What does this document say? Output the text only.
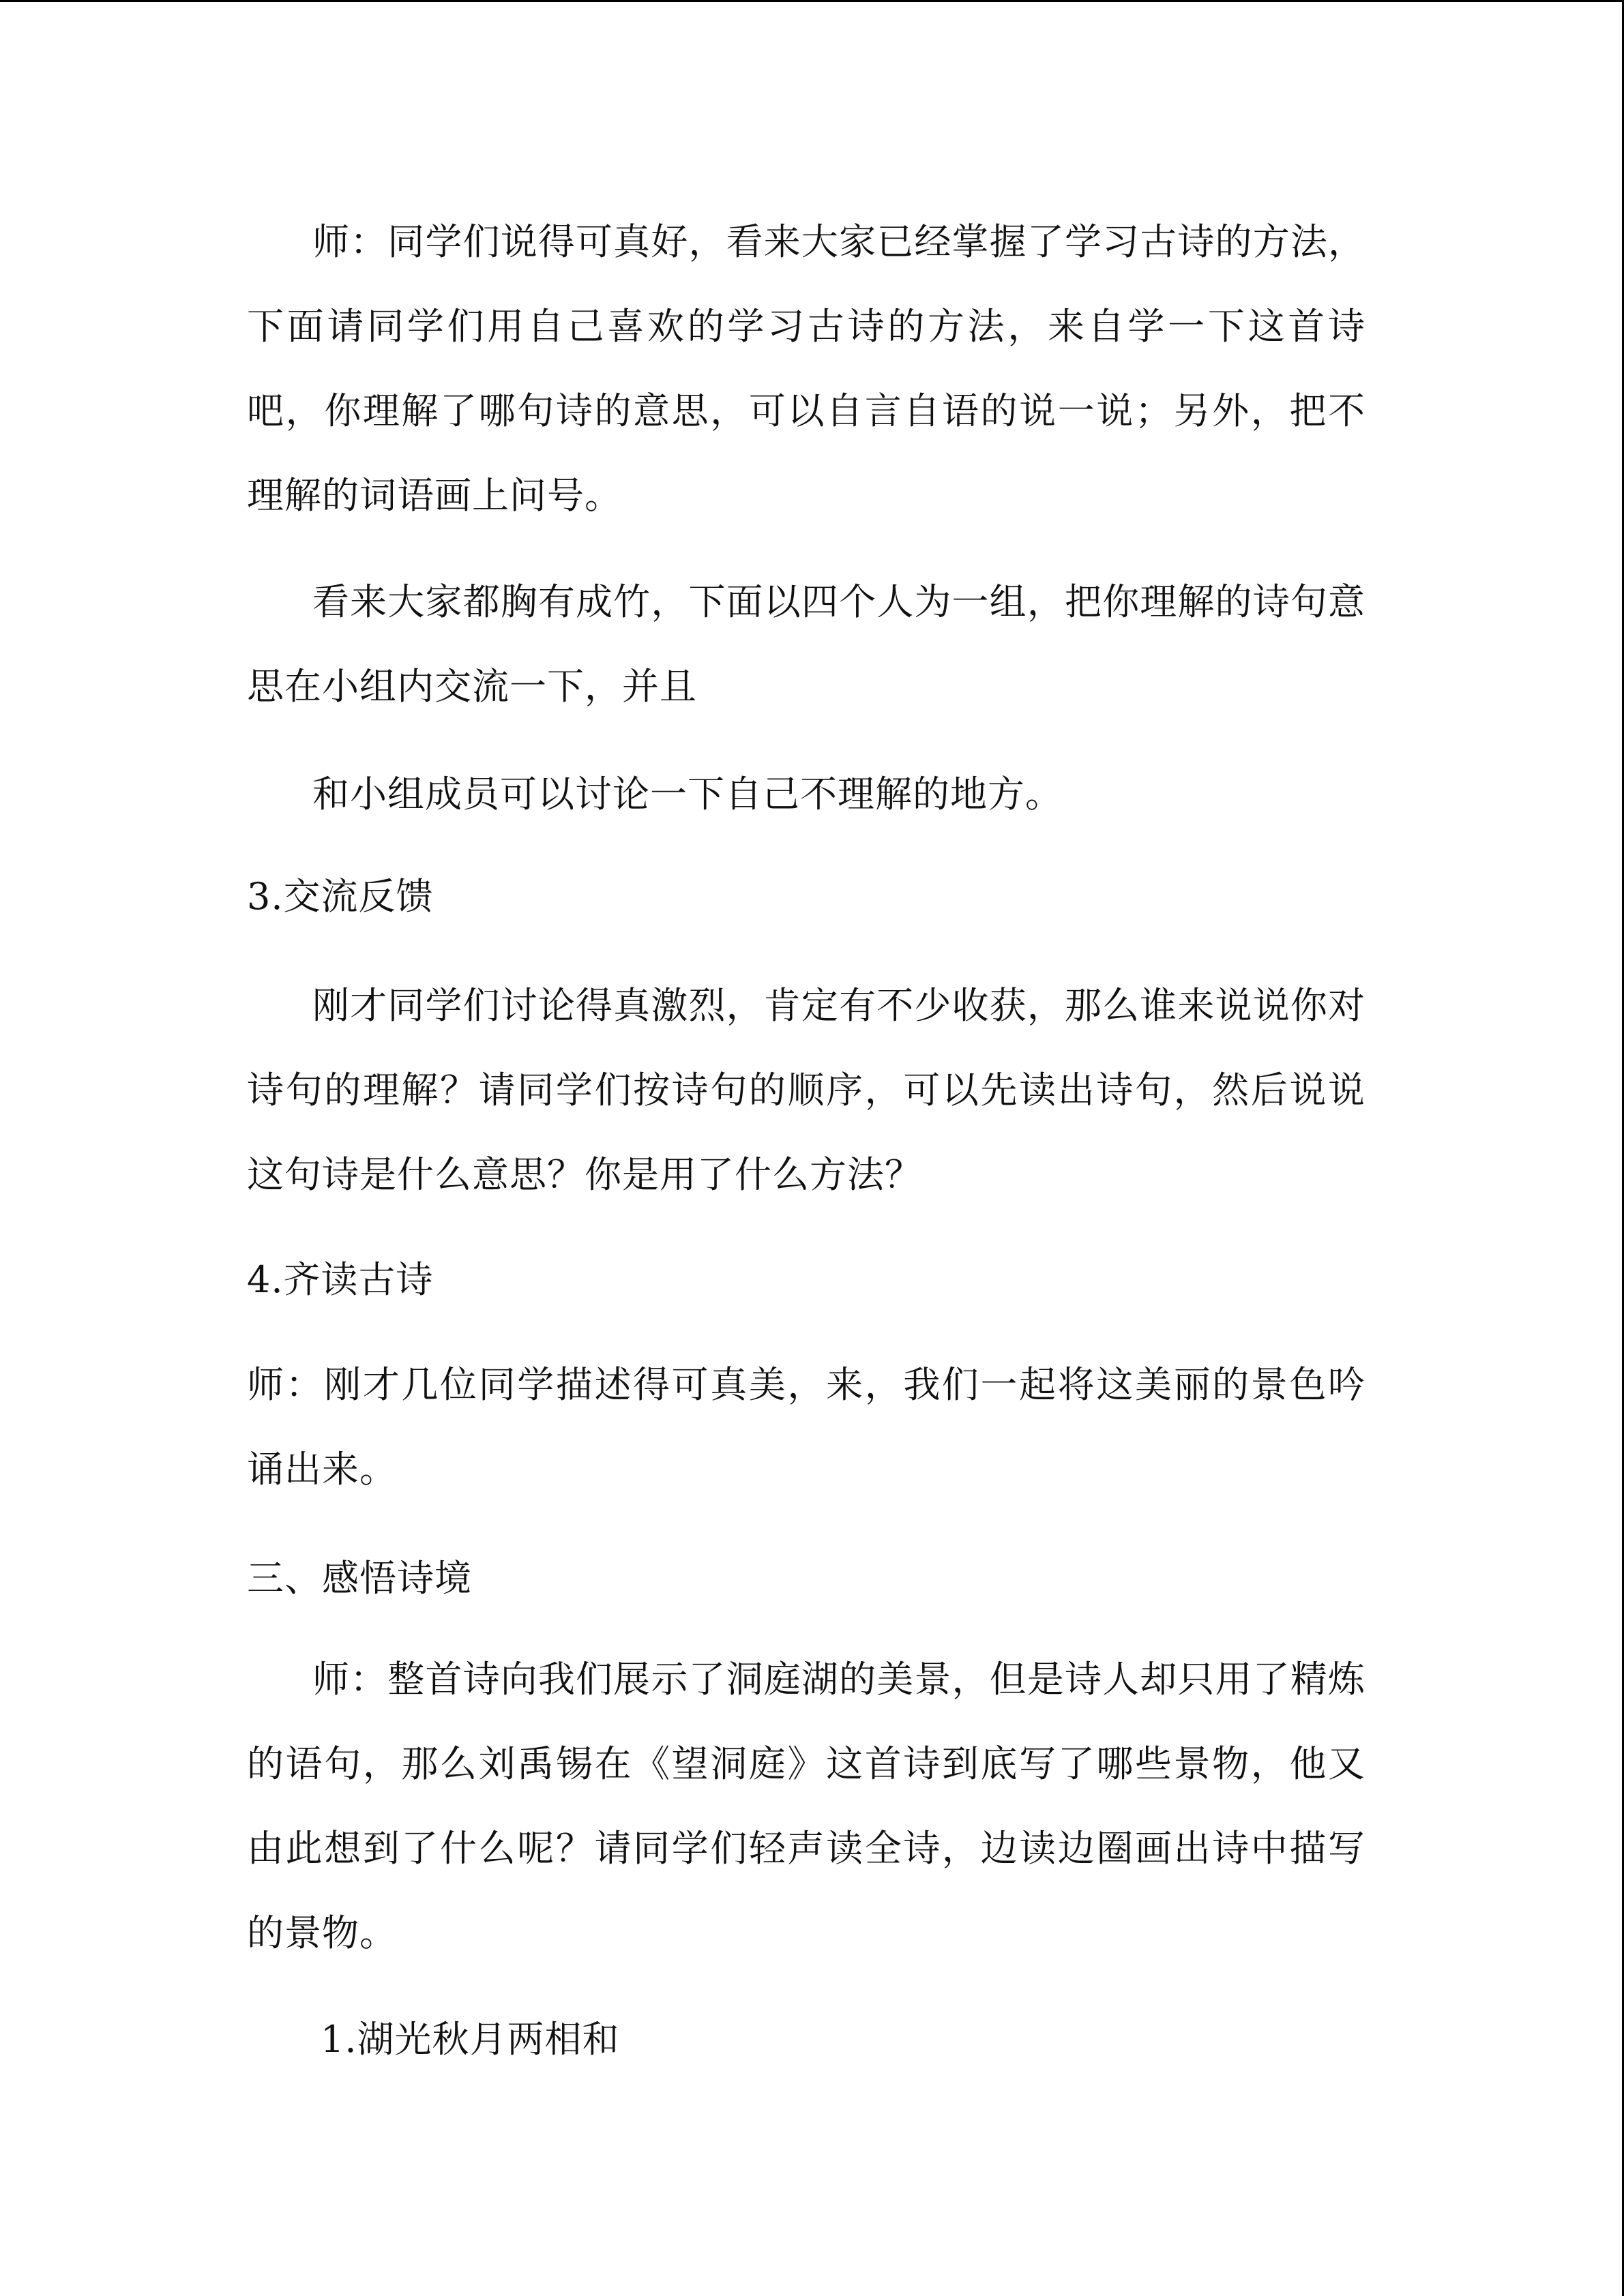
师：同学们说得可真好，看来大家已经掌握了学习古诗的方法，下面请同学们用自己喜欢的学习古诗的方法，来自学一下这首诗吧，你理解了哪句诗的意思，可以自言自语的说一说；另外，把不理解的词语画上问号。

看来大家都胸有成竹，下面以四个人为一组，把你理解的诗句意思在小组内交流一下，并且

和小组成员可以讨论一下自己不理解的地方。

3.交流反馈

刚才同学们讨论得真激烈，肯定有不少收获，那么谁来说说你对诗句的理解？请同学们按诗句的顺序，可以先读出诗句，然后说说这句诗是什么意思？你是用了什么方法？

4.齐读古诗

师：刚才几位同学描述得可真美，来，我们一起将这美丽的景色吟诵出来。

三、感悟诗境

师：整首诗向我们展示了洞庭湖的美景，但是诗人却只用了精炼的语句，那么刘禹锡在《望洞庭》这首诗到底写了哪些景物，他又由此想到了什么呢？请同学们轻声读全诗，边读边圈画出诗中描写的景物。

1.湖光秋月两相和
